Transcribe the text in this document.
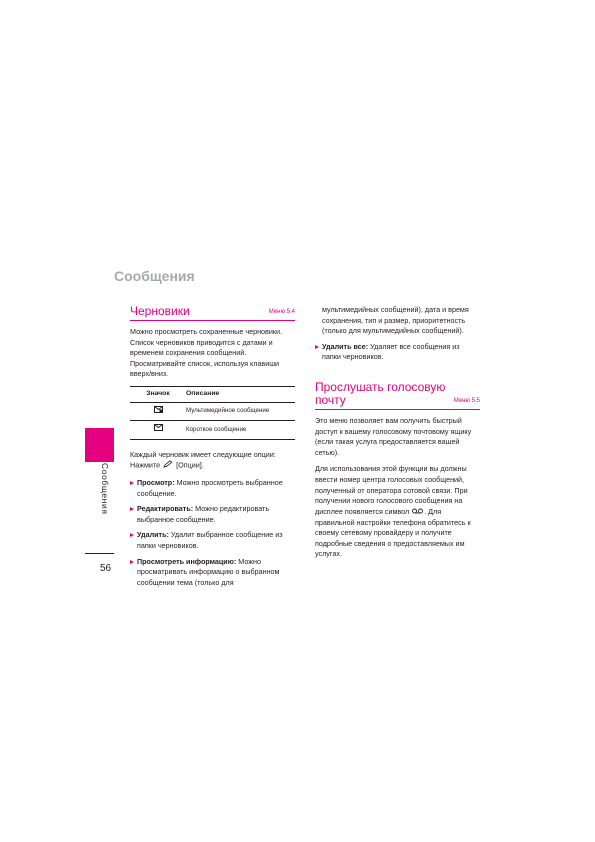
Сообщения
Сообщения
56
Черновики	Меню 5.4

Можно просмотреть сохраненные черновики. Список черновиков приводится с датами и временем сохранения сообщений. Просматривайте список, используя клавиши вверх/вниз.

Значок	Описание
	Мультимедийное сообщение
	Короткое сообщение

Каждый черновик имеет следующие опции:
Нажмите [Опции].

Просмотр: Можно просмотреть выбранное сообщение.
Редактировать: Можно редактировать выбранное сообщение.
Удалить: Удалит выбранное сообщение из папки черновиков.
Просмотреть информацию: Можно просматривать информацию о выбранном сообщении тема (только для

мультимедийных сообщений), дата и время сохранения, тип и размер, приоритетность (только для мультимедийных сообщений).

Удалить все: Удаляет все сообщения из папки черновиков.
Прослушать голосовую
почту	Меню 5.5

Это меню позволяет вам получить быстрый доступ к вашему голосовому почтовому ящику (если такая услуга предоставляется вашей сетью).

Для использования этой функции вы должны ввести номер центра голосовых сообщений, полученный от оператора сотовой связи. При получении нового голосового сообщения на дисплее появляется символ . Для правильной настройки телефона обратитесь к своему сетевому провайдеру и получите подробные сведения о предоставляемых им услугах.
